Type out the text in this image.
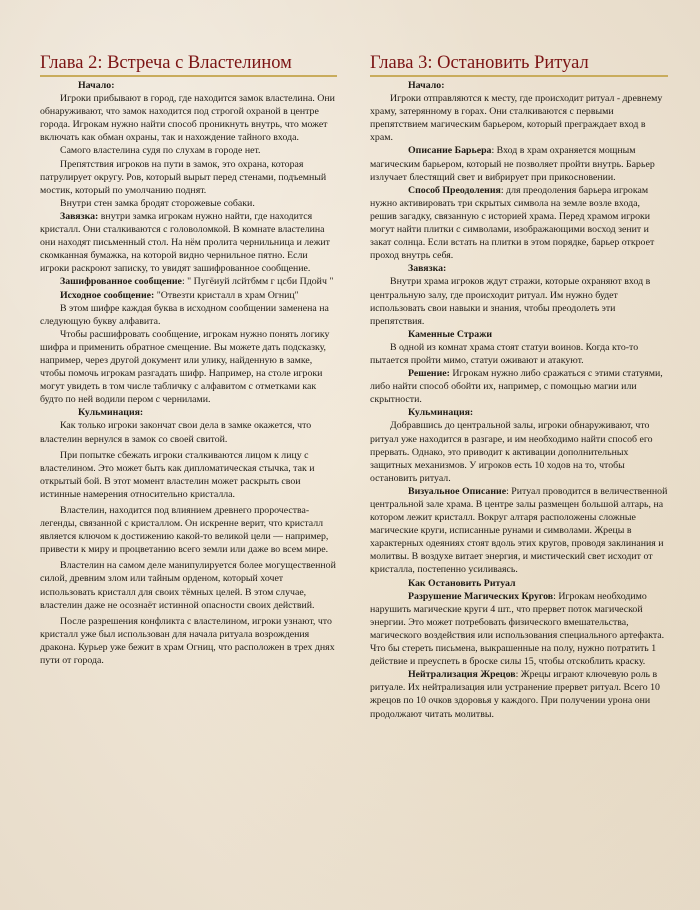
Глава 2: Встреча с Властелином

Начало:

Игроки прибывают в город, где находится замок властелина. Они обнаруживают, что замок находится под строгой охраной в центре города. Игрокам нужно найти способ проникнуть внутрь, что может включать как обман охраны, так и нахождение тайного входа.

Самого властелина судя по слухам в городе нет.

Препятствия игроков на пути в замок, это охрана, которая патрулирует округу. Ров, который вырыт перед стенами, подъемный мостик, который по умолчанию поднят.

Внутри стен замка бродят сторожевые собаки.

Завязка: внутри замка игрокам нужно найти, где находится кристалл. Они сталкиваются с головоломкой. В комнате властелина они находят письменный стол. На нём пролита чернильница и лежит скомканная бумажка, на которой видно чернильное пятно. Если игроки раскроют записку, то увидят зашифрованное сообщение.

Зашифрованное сообщение: " Пугёиуй лсйтбмм г цсби Пдойч "

Исходное сообщение: "Отвезти кристалл в храм Огниц"

В этом шифре каждая буква в исходном сообщении заменена на следующую букву алфавита.

Чтобы расшифровать сообщение, игрокам нужно понять логику шифра и применить обратное смещение. Вы можете дать подсказку, например, через другой документ или улику, найденную в замке, чтобы помочь игрокам разгадать шифр. Например, на столе игроки могут увидеть в том числе табличку с алфавитом с отметками как будто по ней водили пером с чернилами.

Кульминация:

Как только игроки закончат свои дела в замке окажется, что властелин вернулся в замок со своей свитой.

При попытке сбежать игроки сталкиваются лицом к лицу с властелином. Это может быть как дипломатическая стычка, так и открытый бой. В этот момент властелин может раскрыть свои истинные намерения относительно кристалла.

Властелин, находится под влиянием древнего пророчества-легенды, связанной с кристаллом. Он искренне верит, что кристалл является ключом к достижению какой-то великой цели — например, привести к миру и процветанию всего земли или даже во всем мире.

Властелин на самом деле манипулируется более могущественной силой, древним злом или тайным орденом, который хочет использовать кристалл для своих тёмных целей. В этом случае, властелин даже не осознаёт истинной опасности своих действий.

После разрешения конфликта с властелином, игроки узнают, что кристалл уже был использован для начала ритуала возрождения дракона. Курьер уже бежит в храм Огниц, что расположен в трех днях пути от города.

Глава 3: Остановить Ритуал

Начало:

Игроки отправляются к месту, где происходит ритуал - древнему храму, затерянному в горах. Они сталкиваются с первыми препятствием магическим барьером, который преграждает вход в храм.

Описание Барьера: Вход в храм охраняется мощным магическим барьером, который не позволяет пройти внутрь. Барьер излучает блестящий свет и вибрирует при прикосновении.

Способ Преодоления: для преодоления барьера игрокам нужно активировать три скрытых символа на земле возле входа, решив загадку, связанную с историей храма. Перед храмом игроки могут найти плитки с символами, изображающими восход зенит и закат солнца. Если встать на плитки в этом порядке, барьер откроет проход внутрь себя.

Завязка:

Внутри храма игроков ждут стражи, которые охраняют вход в центральную залу, где происходит ритуал. Им нужно будет использовать свои навыки и знания, чтобы преодолеть эти препятствия.

Каменные Стражи

В одной из комнат храма стоят статуи воинов. Когда кто-то пытается пройти мимо, статуи оживают и атакуют.

Решение: Игрокам нужно либо сражаться с этими статуями, либо найти способ обойти их, например, с помощью магии или скрытности.

Кульминация:

Добравшись до центральной залы, игроки обнаруживают, что ритуал уже находится в разгаре, и им необходимо найти способ его прервать. Однако, это приводит к активации дополнительных защитных механизмов. У игроков есть 10 ходов на то, чтобы остановить ритуал.

Визуальное Описание: Ритуал проводится в величественной центральной зале храма. В центре залы размещен большой алтарь, на котором лежит кристалл. Вокруг алтаря расположены сложные магические круги, исписанные рунами и символами. Жрецы в характерных одеяниях стоят вдоль этих кругов, проводя заклинания и молитвы. В воздухе витает энергия, и мистический свет исходит от кристалла, постепенно усиливаясь.

Как Остановить Ритуал

Разрушение Магических Кругов: Игрокам необходимо нарушить магические круги 4 шт., что прервет поток магической энергии. Это может потребовать физического вмешательства, магического воздействия или использования специального артефакта. Что бы стереть письмена, выкрашенные на полу, нужно потратить 1 действие и преуспеть в броске силы 15, чтобы отскоблить краску.

Нейтрализация Жрецов: Жрецы играют ключевую роль в ритуале. Их нейтрализация или устранение прервет ритуал. Всего 10 жрецов по 10 очков здоровья у каждого. При получении урона они продолжают читать молитвы.
